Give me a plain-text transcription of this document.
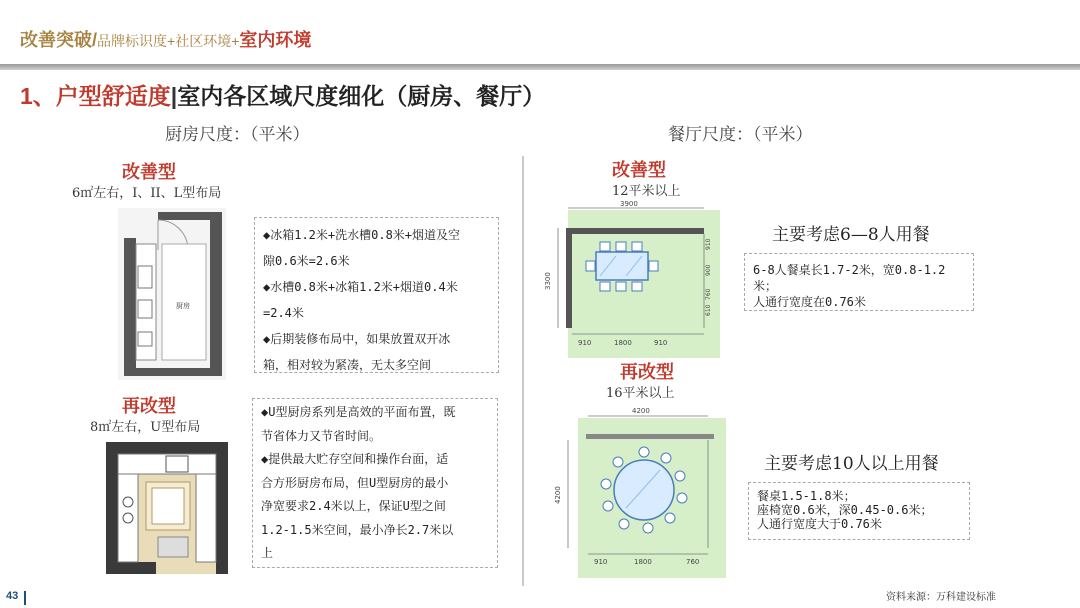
改善突破/品牌标识度+社区环境+室内环境
1、户型舒适度|室内各区域尺度细化（厨房、餐厅）
厨房尺度：（平米）
改善型
6㎡左右，I、II、L型布局
厨房

◆冰箱1.2米+洗水槽0.8米+烟道及空

隙0.6米=2.6米

◆水槽0.8米+冰箱1.2米+烟道0.4米

=2.4米

◆后期装修布局中，如果放置双开冰

箱，相对较为紧凑，无太多空间

再改型
8㎡左右，U型布局

◆U型厨房系列是高效的平面布置，既

节省体力又节省时间。

◆提供最大贮存空间和操作台面，适

合方形厨房布局，但U型厨房的最小

净宽要求2.4米以上，保证U型之间

1.2-1.5米空间，最小净长2.7米以

上

餐厅尺度：（平米）
改善型
12平米以上
3900
3300
910
900
760
610
910	1800	910
主要考虑6—8人用餐

6-8人餐桌长1.7-2米，宽0.8-1.2米；

人通行宽度在0.76米

再改型
16平米以上
4200
4200
910	1800	760
主要考虑10人以上用餐

餐桌1.5-1.8米；

座椅宽0.6米，深0.45-0.6米；

人通行宽度大于0.76米

43	资料来源：万科建设标准
